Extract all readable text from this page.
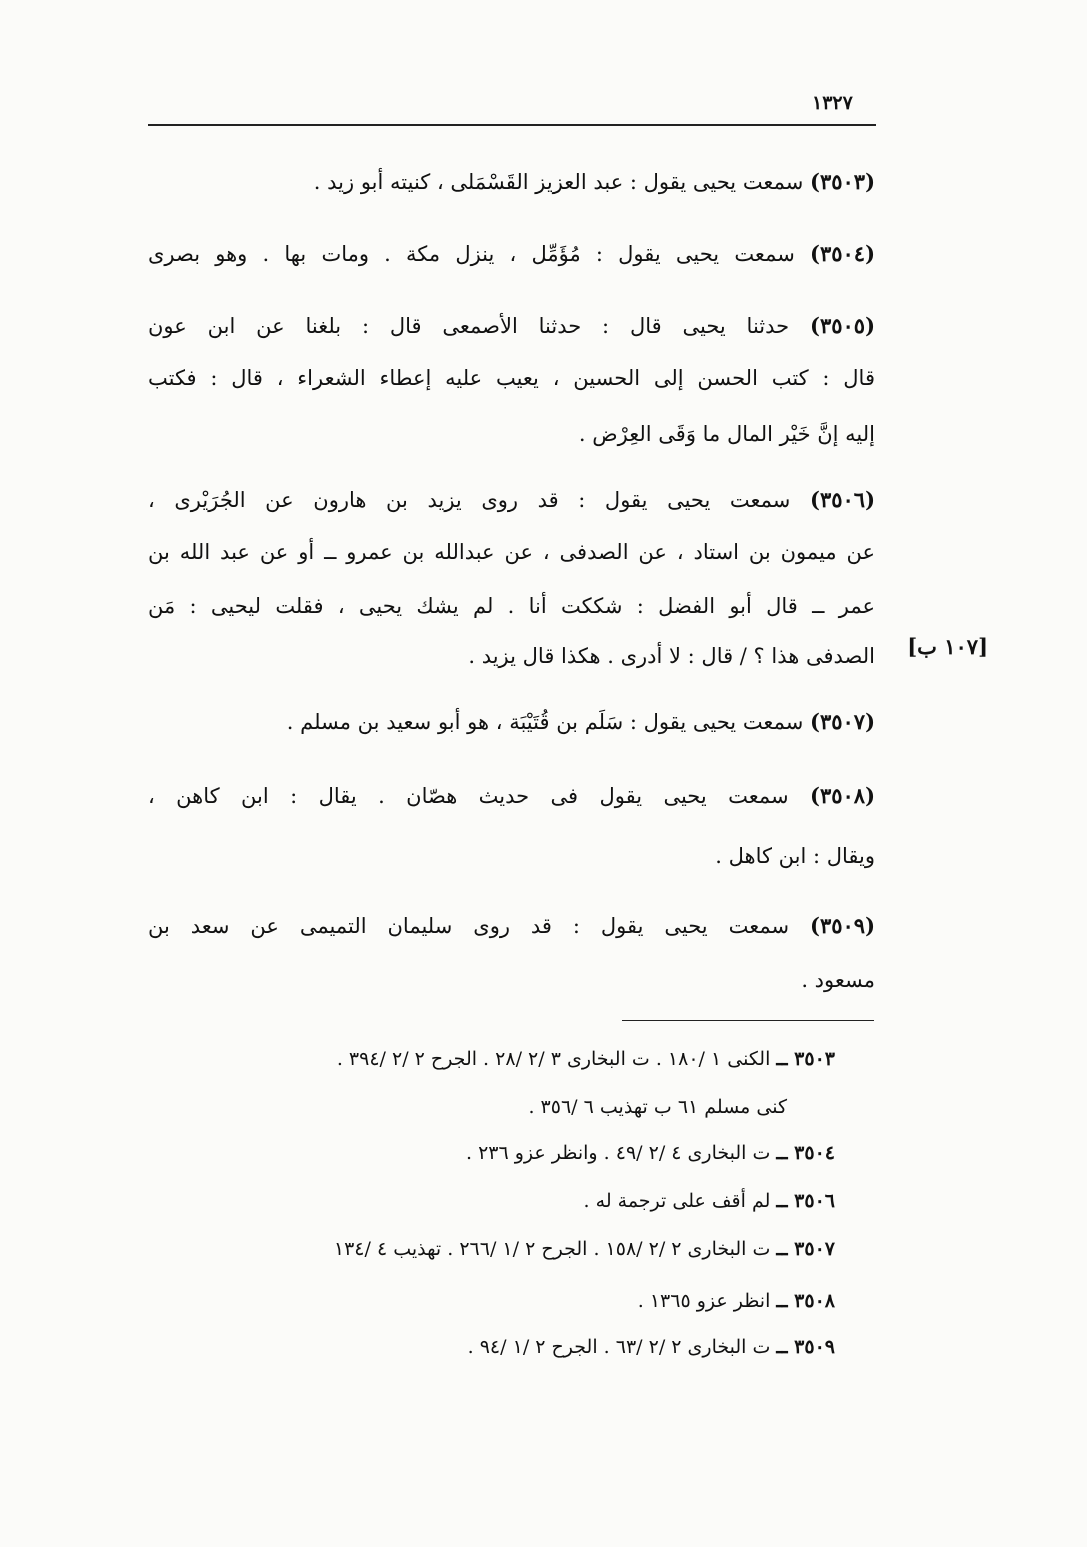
١٣٢٧
(٣٥٠٣) سمعت يحيى يقول : عبد العزيز القَسْمَلى ، كنيته أبو زيد .
(٣٥٠٤) سمعت يحيى يقول : مُؤَمِّل ، ينزل مكة . ومات بها . وهو بصرى
(٣٥٠٥) حدثنا يحيى قال : حدثنا الأصمعى قال : بلغنا عن ابن عون
قال : كتب الحسن إلى الحسين ، يعيب عليه إعطاء الشعراء ، قال : فكتب
إليه إنَّ خَيْر المال ما وَقَى العِرْض .
(٣٥٠٦) سمعت يحيى يقول : قد روى يزيد بن هارون عن الجُرَيْرى ،
عن ميمون بن استاد ، عن الصدفى ، عن عبدالله بن عمرو ــ أو عن عبد الله بن
عمر ــ قال أبو الفضل : شككت أنا . لم يشك يحيى ، فقلت ليحيى : مَن
الصدفى هذا ؟ / قال : لا أدرى . هكذا قال يزيد .	[١٠٧ ب]
(٣٥٠٧) سمعت يحيى يقول : سَلَم بن قُتَيْبَة ، هو أبو سعيد بن مسلم .
(٣٥٠٨) سمعت يحيى يقول فى حديث هصّان . يقال : ابن كاهن ،
ويقال : ابن كاهل .
(٣٥٠٩) سمعت يحيى يقول : قد روى سليمان التميمى عن سعد بن
مسعود .
٣٥٠٣ ــ الكنى ١ /١٨٠ . ت البخارى ٣ /٢ /٢٨ . الجرح ٢ /٢ /٣٩٤ .
كنى مسلم ٦١ ب تهذيب ٦ /٣٥٦ .
٣٥٠٤ ــ ت البخارى ٤ /٢ /٤٩ . وانظر عزو ٢٣٦ .
٣٥٠٦ ــ لم أقف على ترجمة له .
٣٥٠٧ ــ ت البخارى ٢ /٢ /١٥٨ . الجرح ٢ /١ /٢٦٦ . تهذيب ٤ /١٣٤
٣٥٠٨ ــ انظر عزو ١٣٦٥ .
٣٥٠٩ ــ ت البخارى ٢ /٢ /٦٣ . الجرح ٢ /١ /٩٤ .
